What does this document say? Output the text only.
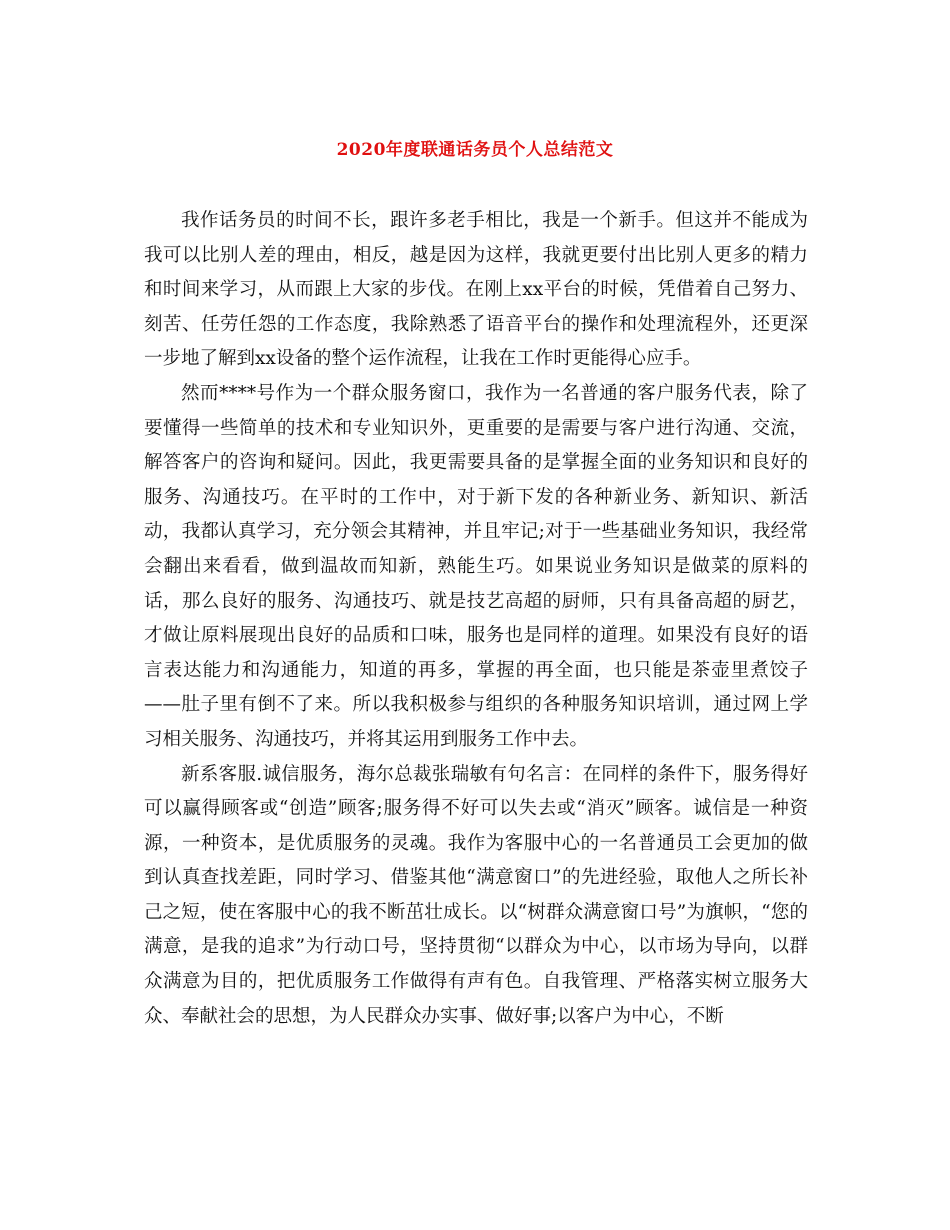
2020年度联通话务员个人总结范文

我作话务员的时间不长，跟许多老手相比，我是一个新手。但这并不能成为我可以比别人差的理由，相反，越是因为这样，我就更要付出比别人更多的精力和时间来学习，从而跟上大家的步伐。在刚上xx平台的时候，凭借着自己努力、刻苦、任劳任怨的工作态度，我除熟悉了语音平台的操作和处理流程外，还更深一步地了解到xx设备的整个运作流程，让我在工作时更能得心应手。

然而****号作为一个群众服务窗口，我作为一名普通的客户服务代表，除了要懂得一些简单的技术和专业知识外，更重要的是需要与客户进行沟通、交流，解答客户的咨询和疑问。因此，我更需要具备的是掌握全面的业务知识和良好的服务、沟通技巧。在平时的工作中，对于新下发的各种新业务、新知识、新活动，我都认真学习，充分领会其精神，并且牢记;对于一些基础业务知识，我经常会翻出来看看，做到温故而知新，熟能生巧。如果说业务知识是做菜的原料的话，那么良好的服务、沟通技巧、就是技艺高超的厨师，只有具备高超的厨艺，才做让原料展现出良好的品质和口味，服务也是同样的道理。如果没有良好的语言表达能力和沟通能力，知道的再多，掌握的再全面，也只能是茶壶里煮饺子——肚子里有倒不了来。所以我积极参与组织的各种服务知识培训，通过网上学习相关服务、沟通技巧，并将其运用到服务工作中去。

新系客服.诚信服务，海尔总裁张瑞敏有句名言：在同样的条件下，服务得好可以赢得顾客或“创造”顾客;服务得不好可以失去或“消灭”顾客。诚信是一种资源，一种资本，是优质服务的灵魂。我作为客服中心的一名普通员工会更加的做到认真查找差距，同时学习、借鉴其他“满意窗口”的先进经验，取他人之所长补己之短，使在客服中心的我不断茁壮成长。以“树群众满意窗口号”为旗帜，“您的满意，是我的追求”为行动口号，坚持贯彻“以群众为中心，以市场为导向，以群众满意为目的，把优质服务工作做得有声有色。自我管理、严格落实树立服务大众、奉献社会的思想，为人民群众办实事、做好事;以客户为中心，不断
